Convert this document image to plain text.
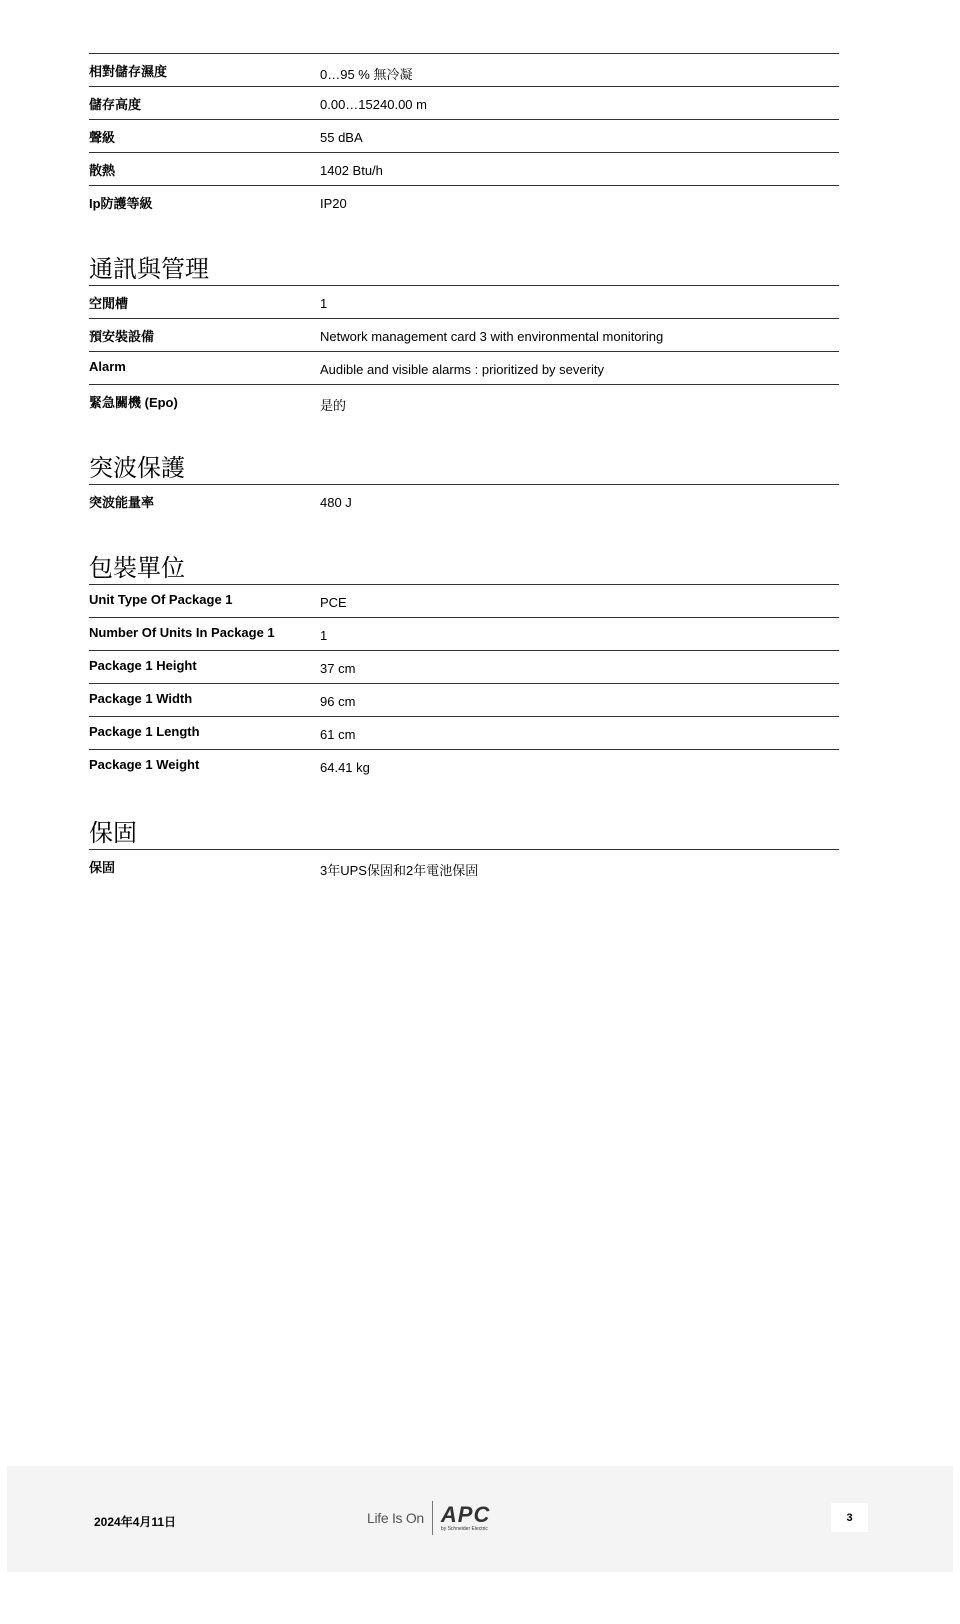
相對儲存濕度	0…95 % 無冷凝
儲存高度	0.00…15240.00 m
聲級	55 dBA
散熱	1402 Btu/h
Ip防護等級	IP20
通訊與管理
空閒槽	1
預安裝設備	Network management card 3 with environmental monitoring
Alarm	Audible and visible alarms : prioritized by severity
緊急關機 (Epo)	是的
突波保護
突波能量率	480 J
包裝單位
Unit Type Of Package 1	PCE
Number Of Units In Package 1	1
Package 1 Height	37 cm
Package 1 Width	96 cm
Package 1 Length	61 cm
Package 1 Weight	64.41 kg
保固
保固	3年UPS保固和2年電池保固
2024年4月11日	Life Is On APC
by Schneider Electric
3
